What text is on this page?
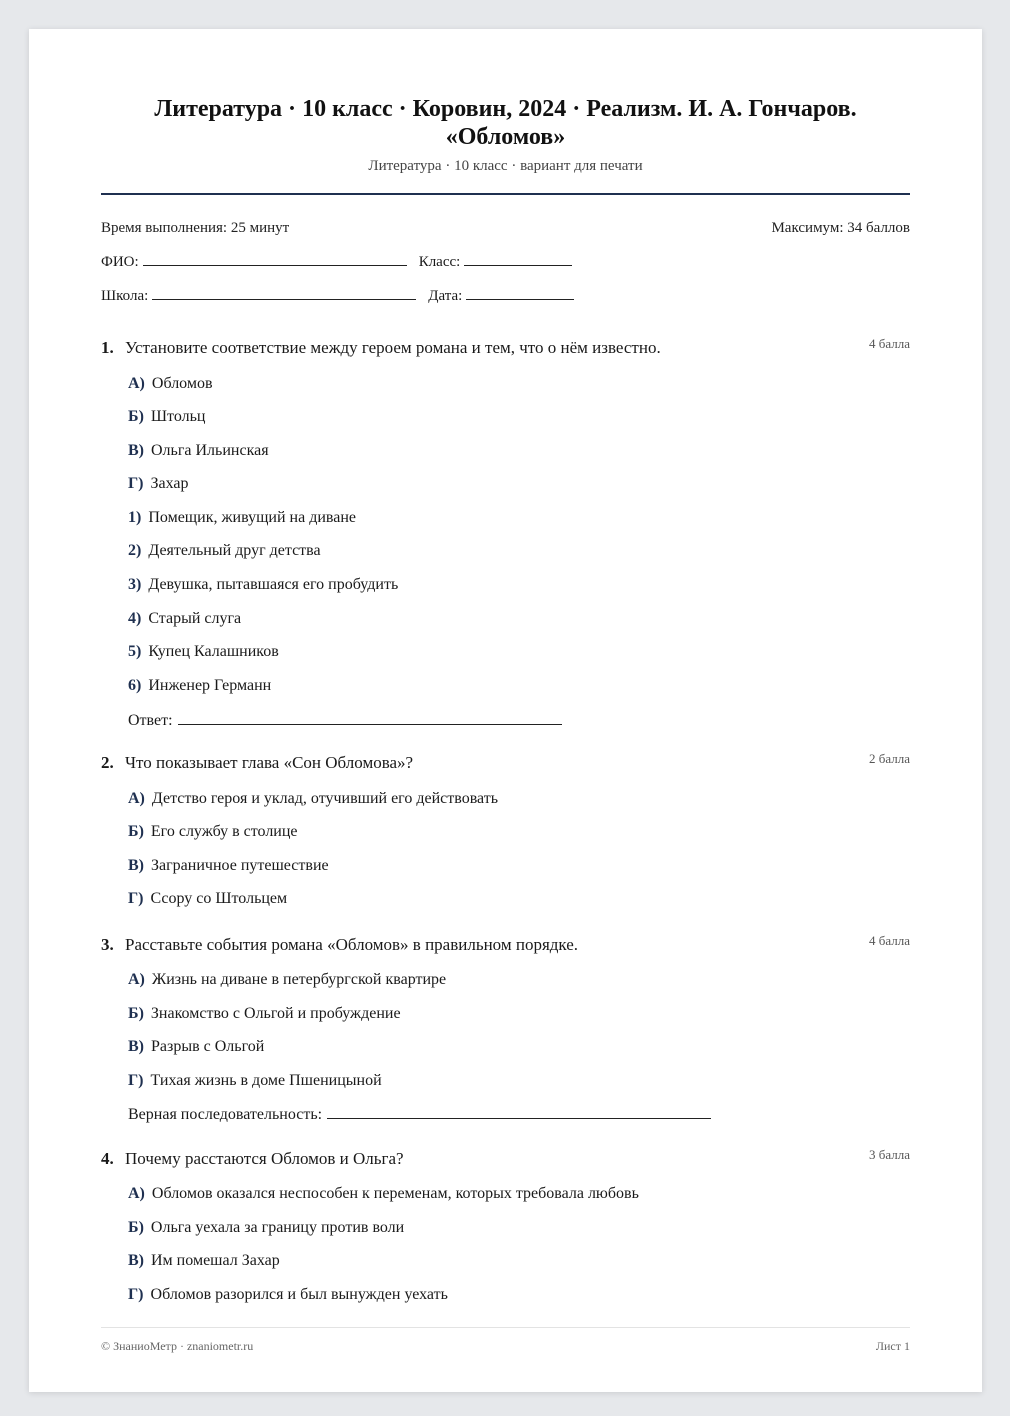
Литература · 10 класс · Коровин, 2024 · Реализм. И. А. Гончаров. «Обломов»
Литература · 10 класс · вариант для печати
Время выполнения: 25 минут	Максимум: 34 баллов
ФИО:	Класс:
Школа:	Дата:
1. Установите соответствие между героем романа и тем, что о нём известно.	4 балла
А) Обломов
Б) Штольц
В) Ольга Ильинская
Г) Захар
1) Помещик, живущий на диване
2) Деятельный друг детства
3) Девушка, пытавшаяся его пробудить
4) Старый слуга
5) Купец Калашников
6) Инженер Германн
Ответ:
2. Что показывает глава «Сон Обломова»?	2 балла
А) Детство героя и уклад, отучивший его действовать
Б) Его службу в столице
В) Заграничное путешествие
Г) Ссору со Штольцем
3. Расставьте события романа «Обломов» в правильном порядке.	4 балла
А) Жизнь на диване в петербургской квартире
Б) Знакомство с Ольгой и пробуждение
В) Разрыв с Ольгой
Г) Тихая жизнь в доме Пшеницыной
Верная последовательность:
4. Почему расстаются Обломов и Ольга?	3 балла
А) Обломов оказался неспособен к переменам, которых требовала любовь
Б) Ольга уехала за границу против воли
В) Им помешал Захар
Г) Обломов разорился и был вынужден уехать
© ЗнаниоМетр · znaniometr.ru	Лист 1
